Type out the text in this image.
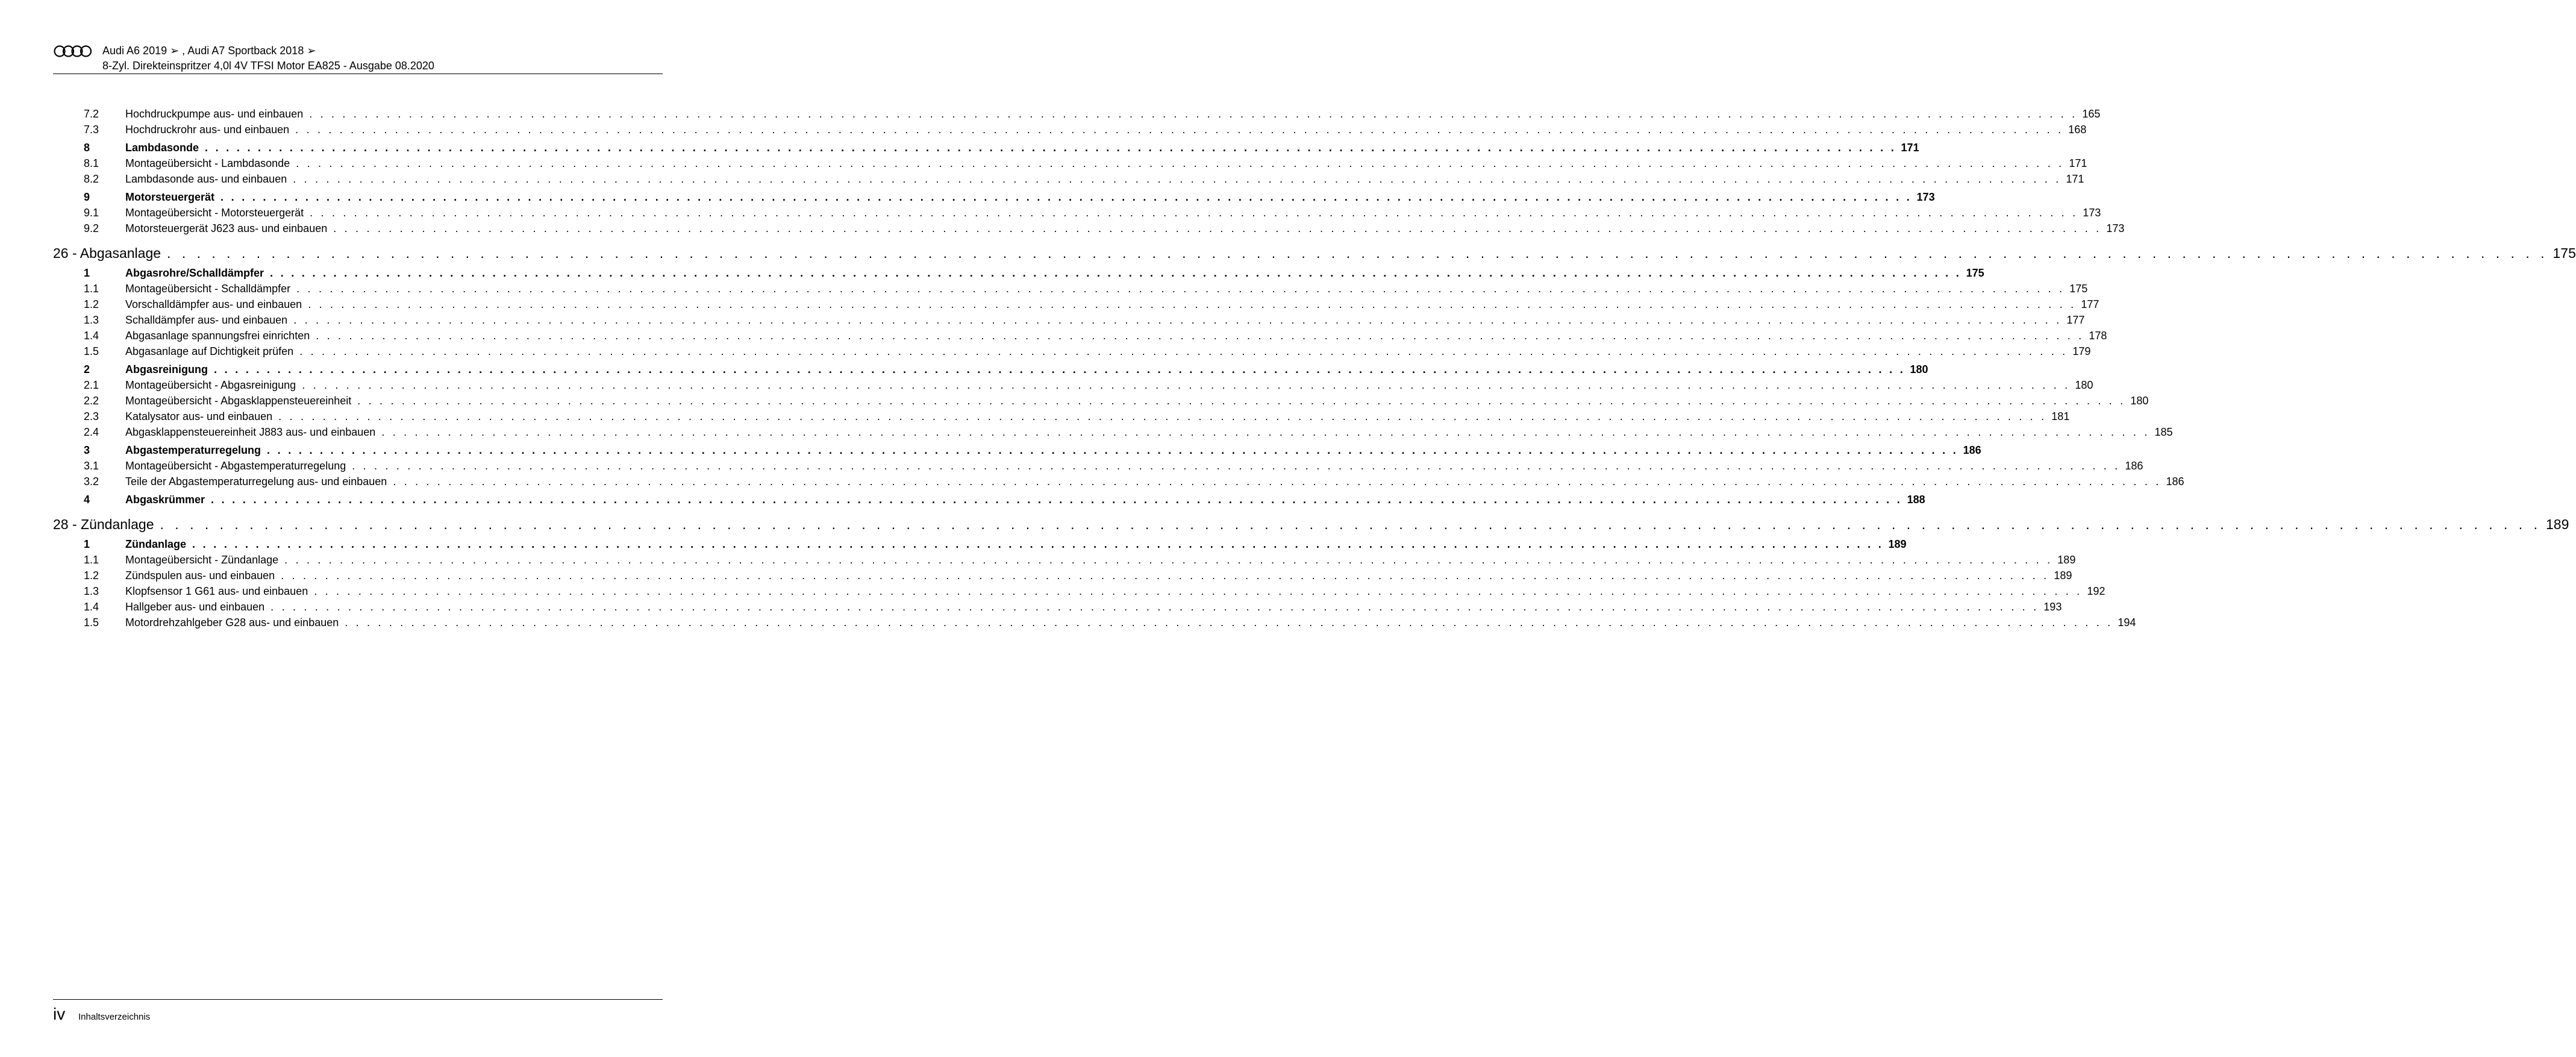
Audi A6 2019 ➢ , Audi A7 Sportback 2018 ➢
8-Zyl. Direkteinspritzer 4,0l 4V TFSI Motor EA825 - Ausgabe 08.2020
7.2 Hochdruckpumpe aus- und einbauen . . . . . . . . . . . . . . . . . . . . . . . . . . . . . . . . . . . . . . . . . . . . . . . . . . . . . . . . . . . . . . . . . . . . . . . . . . . . . . . . . . . . . . . . . . . . . . . . . . . . . . . . . . . . . . . . . . . . . . . . . . . . . . . . . . . . . . . . . . . . . . . . . . . . . . . . . . . . . . . . 165
7.3 Hochdruckrohr aus- und einbauen . . . . . . . . . . . . . . . . . . . . . . . . . . . . . . . . . . . . . . . . . . . . . . . . . . . . . . . . . . . . . . . . . . . . . . . . . . . . . . . . . . . . . . . . . . . . . . . . . . . . . . . . . . . . . . . . . . . . . . . . . . . . . . . . . . . . . . . . . . . . . . . . . . . . . . . . . . . . . . . . 168
8	Lambdasonde . . . . . . . . . . . . . . . . . . . . . . . . . . . . . . . . . . . . . . . . . . . . . . . . . . . . . . . . . . . . . . . . . . . . . . . . . . . . . . . . . . . . . . . . . . . . . . . . . . . . . . . . . . . . . . . . . . . . . . . . . . . . . . . . . . . . . . . . . . . . . . . . . . . . . . . . . . . . . . . . 171
8.1 Montageübersicht - Lambdasonde . . . . . . . . . . . . . . . . . . . . . . . . . . . . . . . . . . . . . . . . . . . . . . . . . . . . . . . . . . . . . . . . . . . . . . . . . . . . . . . . . . . . . . . . . . . . . . . . . . . . . . . . . . . . . . . . . . . . . . . . . . . . . . . . . . . . . . . . . . . . . . . . . . . . . . . . . . . . . . . . 171
8.2 Lambdasonde aus- und einbauen . . . . . . . . . . . . . . . . . . . . . . . . . . . . . . . . . . . . . . . . . . . . . . . . . . . . . . . . . . . . . . . . . . . . . . . . . . . . . . . . . . . . . . . . . . . . . . . . . . . . . . . . . . . . . . . . . . . . . . . . . . . . . . . . . . . . . . . . . . . . . . . . . . . . . . . . . . . . . . . . 171
9	Motorsteuergerät . . . . . . . . . . . . . . . . . . . . . . . . . . . . . . . . . . . . . . . . . . . . . . . . . . . . . . . . . . . . . . . . . . . . . . . . . . . . . . . . . . . . . . . . . . . . . . . . . . . . . . . . . . . . . . . . . . . . . . . . . . . . . . . . . . . . . . . . . . . . . . . . . . . . . . . . . . . . . . . . 173
9.1 Montageübersicht - Motorsteuergerät . . . . . . . . . . . . . . . . . . . . . . . . . . . . . . . . . . . . . . . . . . . . . . . . . . . . . . . . . . . . . . . . . . . . . . . . . . . . . . . . . . . . . . . . . . . . . . . . . . . . . . . . . . . . . . . . . . . . . . . . . . . . . . . . . . . . . . . . . . . . . . . . . . . . . . . . . . . . . . . . 173
9.2 Motorsteuergerät J623 aus- und einbauen . . . . . . . . . . . . . . . . . . . . . . . . . . . . . . . . . . . . . . . . . . . . . . . . . . . . . . . . . . . . . . . . . . . . . . . . . . . . . . . . . . . . . . . . . . . . . . . . . . . . . . . . . . . . . . . . . . . . . . . . . . . . . . . . . . . . . . . . . . . . . . . . . . . . . . . . . . . . . . . . 173
26 - Abgasanlage . . . . . . . . . . . . . . . . . . . . . . . . . . . . . . . . . . . . . . . . . . . . . . . . . . . . . . . . . . . . . . . . . . . . . . . . . . . . . . . . . . . . . . . . . . . . . . . . . . . . . . . . . . . . . . . . . . . . . . . . . . . . . . . . . . . . . . . . . . . . . . . . . . . . . . . . . . . . . . . . 175
1	Abgasrohre/Schalldämpfer . . . . . . . . . . . . . . . . . . . . . . . . . . . . . . . . . . . . . . . . . . . . . . . . . . . . . . . . . . . . . . . . . . . . . . . . . . . . . . . . . . . . . . . . . . . . . . . . . . . . . . . . . . . . . . . . . . . . . . . . . . . . . . . . . . . . . . . . . . . . . . . . . . . . . . . . . . . . . . . . 175
1.1 Montageübersicht - Schalldämpfer . . . . . . . . . . . . . . . . . . . . . . . . . . . . . . . . . . . . . . . . . . . . . . . . . . . . . . . . . . . . . . . . . . . . . . . . . . . . . . . . . . . . . . . . . . . . . . . . . . . . . . . . . . . . . . . . . . . . . . . . . . . . . . . . . . . . . . . . . . . . . . . . . . . . . . . . . . . . . . . . 175
1.2 Vorschalldämpfer aus- und einbauen . . . . . . . . . . . . . . . . . . . . . . . . . . . . . . . . . . . . . . . . . . . . . . . . . . . . . . . . . . . . . . . . . . . . . . . . . . . . . . . . . . . . . . . . . . . . . . . . . . . . . . . . . . . . . . . . . . . . . . . . . . . . . . . . . . . . . . . . . . . . . . . . . . . . . . . . . . . . . . . . 177
1.3 Schalldämpfer aus- und einbauen . . . . . . . . . . . . . . . . . . . . . . . . . . . . . . . . . . . . . . . . . . . . . . . . . . . . . . . . . . . . . . . . . . . . . . . . . . . . . . . . . . . . . . . . . . . . . . . . . . . . . . . . . . . . . . . . . . . . . . . . . . . . . . . . . . . . . . . . . . . . . . . . . . . . . . . . . . . . . . . . 177
1.4 Abgasanlage spannungsfrei einrichten . . . . . . . . . . . . . . . . . . . . . . . . . . . . . . . . . . . . . . . . . . . . . . . . . . . . . . . . . . . . . . . . . . . . . . . . . . . . . . . . . . . . . . . . . . . . . . . . . . . . . . . . . . . . . . . . . . . . . . . . . . . . . . . . . . . . . . . . . . . . . . . . . . . . . . . . . . . . . . . . 178
1.5 Abgasanlage auf Dichtigkeit prüfen . . . . . . . . . . . . . . . . . . . . . . . . . . . . . . . . . . . . . . . . . . . . . . . . . . . . . . . . . . . . . . . . . . . . . . . . . . . . . . . . . . . . . . . . . . . . . . . . . . . . . . . . . . . . . . . . . . . . . . . . . . . . . . . . . . . . . . . . . . . . . . . . . . . . . . . . . . . . . . . . 179
2	Abgasreinigung . . . . . . . . . . . . . . . . . . . . . . . . . . . . . . . . . . . . . . . . . . . . . . . . . . . . . . . . . . . . . . . . . . . . . . . . . . . . . . . . . . . . . . . . . . . . . . . . . . . . . . . . . . . . . . . . . . . . . . . . . . . . . . . . . . . . . . . . . . . . . . . . . . . . . . . . . . . . . . . . 180
2.1 Montageübersicht - Abgasreinigung . . . . . . . . . . . . . . . . . . . . . . . . . . . . . . . . . . . . . . . . . . . . . . . . . . . . . . . . . . . . . . . . . . . . . . . . . . . . . . . . . . . . . . . . . . . . . . . . . . . . . . . . . . . . . . . . . . . . . . . . . . . . . . . . . . . . . . . . . . . . . . . . . . . . . . . . . . . . . . . . 180
2.2 Montageübersicht - Abgasklappensteuereinheit . . . . . . . . . . . . . . . . . . . . . . . . . . . . . . . . . . . . . . . . . . . . . . . . . . . . . . . . . . . . . . . . . . . . . . . . . . . . . . . . . . . . . . . . . . . . . . . . . . . . . . . . . . . . . . . . . . . . . . . . . . . . . . . . . . . . . . . . . . . . . . . . . . . . . . . . . . . . . . . . 180
2.3 Katalysator aus- und einbauen . . . . . . . . . . . . . . . . . . . . . . . . . . . . . . . . . . . . . . . . . . . . . . . . . . . . . . . . . . . . . . . . . . . . . . . . . . . . . . . . . . . . . . . . . . . . . . . . . . . . . . . . . . . . . . . . . . . . . . . . . . . . . . . . . . . . . . . . . . . . . . . . . . . . . . . . . . . . . . . . 181
2.4 Abgasklappensteuereinheit J883 aus- und einbauen . . . . . . . . . . . . . . . . . . . . . . . . . . . . . . . . . . . . . . . . . . . . . . . . . . . . . . . . . . . . . . . . . . . . . . . . . . . . . . . . . . . . . . . . . . . . . . . . . . . . . . . . . . . . . . . . . . . . . . . . . . . . . . . . . . . . . . . . . . . . . . . . . . . . . . . . . . . . . . . . 185
3	Abgastemperaturregelung . . . . . . . . . . . . . . . . . . . . . . . . . . . . . . . . . . . . . . . . . . . . . . . . . . . . . . . . . . . . . . . . . . . . . . . . . . . . . . . . . . . . . . . . . . . . . . . . . . . . . . . . . . . . . . . . . . . . . . . . . . . . . . . . . . . . . . . . . . . . . . . . . . . . . . . . . . . . . . . . 186
3.1 Montageübersicht - Abgastemperaturregelung . . . . . . . . . . . . . . . . . . . . . . . . . . . . . . . . . . . . . . . . . . . . . . . . . . . . . . . . . . . . . . . . . . . . . . . . . . . . . . . . . . . . . . . . . . . . . . . . . . . . . . . . . . . . . . . . . . . . . . . . . . . . . . . . . . . . . . . . . . . . . . . . . . . . . . . . . . . . . . . . 186
3.2 Teile der Abgastemperaturregelung aus- und einbauen . . . . . . . . . . . . . . . . . . . . . . . . . . . . . . . . . . . . . . . . . . . . . . . . . . . . . . . . . . . . . . . . . . . . . . . . . . . . . . . . . . . . . . . . . . . . . . . . . . . . . . . . . . . . . . . . . . . . . . . . . . . . . . . . . . . . . . . . . . . . . . . . . . . . . . . . . . . . . . . . 186
4	Abgaskrümmer . . . . . . . . . . . . . . . . . . . . . . . . . . . . . . . . . . . . . . . . . . . . . . . . . . . . . . . . . . . . . . . . . . . . . . . . . . . . . . . . . . . . . . . . . . . . . . . . . . . . . . . . . . . . . . . . . . . . . . . . . . . . . . . . . . . . . . . . . . . . . . . . . . . . . . . . . . . . . . . . 188
28 - Zündanlage . . . . . . . . . . . . . . . . . . . . . . . . . . . . . . . . . . . . . . . . . . . . . . . . . . . . . . . . . . . . . . . . . . . . . . . . . . . . . . . . . . . . . . . . . . . . . . . . . . . . . . . . . . . . . . . . . . . . . . . . . . . . . . . . . . . . . . . . . . . . . . . . . . . . . . . . . . . . . . . . 189
1	Zündanlage . . . . . . . . . . . . . . . . . . . . . . . . . . . . . . . . . . . . . . . . . . . . . . . . . . . . . . . . . . . . . . . . . . . . . . . . . . . . . . . . . . . . . . . . . . . . . . . . . . . . . . . . . . . . . . . . . . . . . . . . . . . . . . . . . . . . . . . . . . . . . . . . . . . . . . . . . . . . . . . . 189
1.1 Montageübersicht - Zündanlage . . . . . . . . . . . . . . . . . . . . . . . . . . . . . . . . . . . . . . . . . . . . . . . . . . . . . . . . . . . . . . . . . . . . . . . . . . . . . . . . . . . . . . . . . . . . . . . . . . . . . . . . . . . . . . . . . . . . . . . . . . . . . . . . . . . . . . . . . . . . . . . . . . . . . . . . . . . . . . . . 189
1.2 Zündspulen aus- und einbauen . . . . . . . . . . . . . . . . . . . . . . . . . . . . . . . . . . . . . . . . . . . . . . . . . . . . . . . . . . . . . . . . . . . . . . . . . . . . . . . . . . . . . . . . . . . . . . . . . . . . . . . . . . . . . . . . . . . . . . . . . . . . . . . . . . . . . . . . . . . . . . . . . . . . . . . . . . . . . . . . 189
1.3 Klopfsensor 1 G61 aus- und einbauen . . . . . . . . . . . . . . . . . . . . . . . . . . . . . . . . . . . . . . . . . . . . . . . . . . . . . . . . . . . . . . . . . . . . . . . . . . . . . . . . . . . . . . . . . . . . . . . . . . . . . . . . . . . . . . . . . . . . . . . . . . . . . . . . . . . . . . . . . . . . . . . . . . . . . . . . . . . . . . . . 192
1.4 Hallgeber aus- und einbauen . . . . . . . . . . . . . . . . . . . . . . . . . . . . . . . . . . . . . . . . . . . . . . . . . . . . . . . . . . . . . . . . . . . . . . . . . . . . . . . . . . . . . . . . . . . . . . . . . . . . . . . . . . . . . . . . . . . . . . . . . . . . . . . . . . . . . . . . . . . . . . . . . . . . . . . . . . . . . . . . 193
1.5 Motordrehzahlgeber G28 aus- und einbauen . . . . . . . . . . . . . . . . . . . . . . . . . . . . . . . . . . . . . . . . . . . . . . . . . . . . . . . . . . . . . . . . . . . . . . . . . . . . . . . . . . . . . . . . . . . . . . . . . . . . . . . . . . . . . . . . . . . . . . . . . . . . . . . . . . . . . . . . . . . . . . . . . . . . . . . . . . . . . . . . 194
iv Inhaltsverzeichnis
